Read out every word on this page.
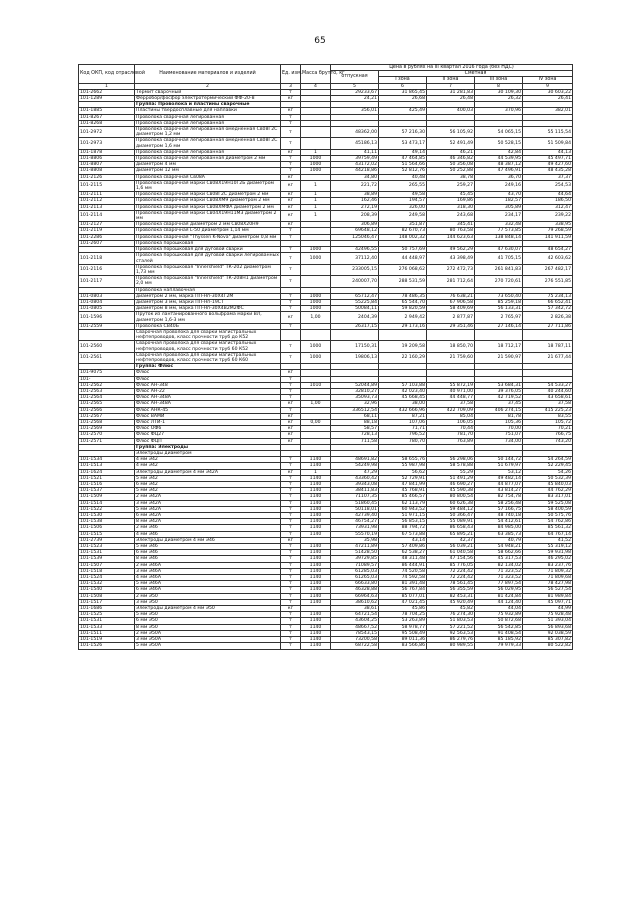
65
Код ОКП, код отраслевой	Наименование материалов и изделий	Ед. изм.	Масса брутто, кг	Цена в рублях на III квартал 2016 года (без НДС)				
				отпускная	Сметная			
					I зона	II зона	III зона	IV зона
1	2	3	4	5	6	7	8	9
101-2662	Термит сварочный	т		29233,67	31 865,45	31 281,83	30 109,30	30 603,22
101-1289	Ферробор/фосфор электротермический ФФ-20-8	кг		24,21	26,68	26,48	26,32	26,41
	Группа: Проволока и пластины сварочные							
101-1885	Пластины твердосплавные для наплавки	кг		356,01	425,49	400,03	370,96	382,01
101-8267	Проволока сварочная легированная	т						
101-8268	Проволока сварочная легированная	т						
101-2972	Проволока сварочная легированная омедненная Св08Г2С диаметром 1,2 мм	т		48362,00	57 216,30	56 105,92	54 065,15	55 115,54
101-2973	Проволока сварочная легированная омедненная Св08Г2С диаметром 1,6 мм	т		45186,13	53 473,17	52 491,49	50 528,15	51 509,84
101-1878	Проволока сварочная легированная	кг	1	41,11	49,14	46,21	42,84	44,13
101-8806	Проволока сварочная легированная диаметром 2 мм	т	1000	39759,49	47 464,85	46 346,82	44 539,95	45 497,71
101-8807	диаметром 4 мм	т	1000	43172,02	51 564,66	50 356,08	48 387,12	49 427,60
101-8808	диаметром 12 мм	т	1000	44218,86	52 812,76	50 252,88	47 496,91	48 435,28
101-2126	Проволока сварочная Св08А	кг		34,80	40,48	38,78	36,70	37,37
101-2115	Проволока сварочная марки Св08Х19Н10Г2Б диаметром 1,6 мм	кг	1	221,72	265,55	259,27	249,16	254,53
101-2111	Проволока сварочная марки Св08Г2С диаметром 2 мм	кг	1	38,89	49,58	45,45	43,70	44,64
101-2112	Проволока сварочная марки Св08ХМ9 диаметром 2 мм	кг	1	162,46	194,57	169,86	182,57	186,50
101-2113	Проволока сварочная марки Св08ХМФА диаметром 2 мм	кг	1	272,19	326,00	318,30	305,89	312,47
101-2114	Проволока сварочная марки Св04Х19Н11М3 диаметром 2 мм	кг	1	208,39	249,58	243,68	234,17	239,22
101-2127	Проволока сварочная диаметром 2 мм Св08Х20Н9	кг		306,89	351,87	345,41	332,48	338,95
101-2119	Проволока сварочная L-50 диаметром 1,14 мм	т		69648,12	82 670,73	80 763,58	77 573,85	79 268,59
101-2286	Проволока сварочная "Thyssen K-Nova" диаметром 0,8 мм	т		125046,47	148 002,32	144 623,63	138 848,14	141 911,59
101-2607	Проволока порошковая							
	Проволока порошковая для дуговой сварки	т	1000	42496,55	50 757,69	49 562,29	47 630,07	48 654,27
101-2118	Проволока порошковая для дуговой сварки легированных сталей	т	1000	37112,40	44 448,97	43 398,49	41 705,15	42 603,62
101-2116	Проволока порошковая "Innershield" ТК-202 диаметром 1,73 мм	т		233005,15	276 068,62	272 472,73	261 841,83	267 482,17
101-2117	Проволока порошковая "Innershield" ТК-208Н1 диаметром 2,0 мм	т		240007,70	288 531,59	281 712,64	270 720,61	276 551,85
	Проволока наплавочная							
101-0803	диаметром 2 мм, марка ПП-Нп-30Х4Г2М	т	1000	65712,47	78 486,35	76 638,21	73 650,40	75 234,13
101-0804	диаметром 3 мм, марки ПП-Нп-19СТ	т	1000	55225,84	65 544,70	67 906,58	85 259,18	66 652,41
101-0805	диаметром 8 мм, марка ПП-Нп-30Х4В2М2ФС	т	1000	50084,11	59 820,59	58 409,69	56 133,31	57 342,72
101-1596	Пруток из лантанированного вольфрама марки ВЛ, диаметром 1,6-3 мм	кг	1,00	2404,39	2 949,42	2 877,87	2 765,97	2 826,38
101-2559	Проволока СВ40Б	т		26317,15	29 173,16	29 351,46	27 146,14	27 711,86
	Сварочная проволока для сварки магистральных нефтепроводов, класс прочности труб до К52							
101-2560	Сварочная проволока для сварки магистральных нефтепроводов, класс прочности труб 60 К52	т	1000	17150,31	19 209,58	18 850,70	18 712,17	18 787,11
101-2561	Сварочная проволока для сварки магистральных нефтепроводов, класс прочности труб 60 К60	т	1000	19806,13	22 160,29	21 759,60	21 590,97	21 677,44
	Группа: Флюс							
101-9075	Флюс	кг						
101-	Флюс	т						
101-2562	Флюс АН-348	т	1010	52044,89	57 103,88	55 872,19	53 684,31	54 533,27
101-2563	Флюс АН-22	т		32810,27	42 023,40	40 971,00	39 376,05	40 244,60
101-2564	Флюс АН-348А	т		35093,73	45 668,45	44 448,77	42 719,52	43 658,61
101-2565	Флюс АН-348А	кг	1,00	32,96	38,00	37,58	37,45	37,58
101-2566	Флюс АНК-45	т		336512,54	432 666,96	422 709,09	406 274,15	415 225,23
101-2567	Флюс ВАМИ	кг		68,11	87,21	85,04	81,78	83,55
101-2568	Флюс ЛТИ-1	кг	0,00	88,18	107,06	106,05	105,36	105,72
101-2569	Флюс ОФ6	кг		58,57	71,71	70,44	70,00	70,21
101-2570	Флюс ФЦ27	кг		728,13	796,52	781,70	751,07	766,75
101-2571	Флюс ФЦП	кг		711,58	780,70	763,89	734,00	743,20
	Группа: Электроды							
	Электроды диаметром							
101-1534	4 мм Э42	т	1140	48691,82	58 655,76	56 298,06	50 144,72	54 264,59
101-1513	4 мм Э42	т	1140	54249,98	55 987,98	58 578,88	51 679,97	52 229,45
101-1624	Электроды диаметром 4 мм Э42А	кг	1	47,29	56,62	55,29	53,12	54,26
101-1521	5 мм Э42	т	1140	43360,42	52 729,91	51 491,29	49 482,14	50 532,39
101-1516	6 мм Э42	т	1140	39343,08	47 841,99	46 690,27	44 877,07	45 840,03
101-1537	5 мм Э42	т	1140	38411,83	45 768,91	45 590,38	43 814,27	44 762,29
101-1509	2 мм Э42А	т	1140	71107,35	85 466,57	80 800,54	82 754,78	83 317,01
101-1514	3 мм Э42А	т	1140	51860,45	62 113,79	60 626,38	58 256,48	59 525,08
101-1522	5 мм Э42А	т	1140	50118,01	60 943,52	59 484,12	57 166,75	58 400,59
101-1530	6 мм Э42А	т	1140	42739,40	51 971,15	50 366,47	48 740,18	50 575,76
101-1538	8 мм Э42А	т	1140	46754,27	56 853,15	55 089,91	54 412,61	54 762,86
101-1506	2 мм Э46	т	1140	73931,98	88 794,72	86 658,43	84 985,00	85 561,32
101-1515	4 мм Э46	т	1140	55570,19	67 573,88	65 895,21	63 385,73	64 767,14
101-2739	Электроды диаметром 4 мм Э46	кг		35,98	43,14	42,37	40,79	41,52
101-1523	5 мм Э46	т	1140	47211,89	57 409,86	56 039,21	54 948,21	55 319,12
101-1531	6 мм Э46	т	1140	51428,50	62 538,27	61 040,58	58 662,66	59 931,98
101-1539	8 мм Э46	т	1140	39729,85	48 311,48	47 154,56	45 317,53	46 295,02
101-1507	2 мм Э46А	т	1140	71089,57	86 444,91	85 776,05	82 134,02	83 237,76
101-1518	3 мм Э46А	т	1140	61285,03	74 520,58	72 224,42	71 323,52	71 809,32
101-1524	4 мм Э46А	т	1140	61265,03	74 592,58	72 224,42	71 323,52	71 809,68
101-1532	5 мм Э46А	т	1140	66633,80	81 391,48	78 561,45	77 897,54	78 427,98
101-1540	6 мм Э46А	т	1140	46328,88	56 767,84	56 355,59	56 029,95	56 527,54
101-1508	2 мм Э50	т	1140	66964,63	85 077,01	82 453,31	81 424,84	81 989,84
101-1517	3 мм Э50	т	1140	38610,62	47 021,45	45 920,49	44 124,40	45 097,71
101-1686	Электроды диаметром 4 мм Э50	кг		38,61	45,86	45,82	44,04	44,99
101-1525	5 мм Э50	т	1140	64721,54	78 704,25	76 274,30	75 932,89	75 928,48
101-1531	6 мм Э50	т	1140	43604,25	53 263,89	51 803,53	50 872,68	51 393,04
101-1533	8 мм Э50	т	1140	48667,52	58 978,77	57 221,52	56 542,85	56 893,68
101-1511	2 мм Э50А	т	1140	78543,15	95 508,49	92 563,53	91 408,54	92 038,59
101-1519	3 мм Э50А	т	1140	73200,58	89 011,36	86 279,76	85 185,92	85 307,82
101-1526	5 мм Э50А	т	1140	68722,58	83 566,86	80 989,55	79 979,33	80 522,82
